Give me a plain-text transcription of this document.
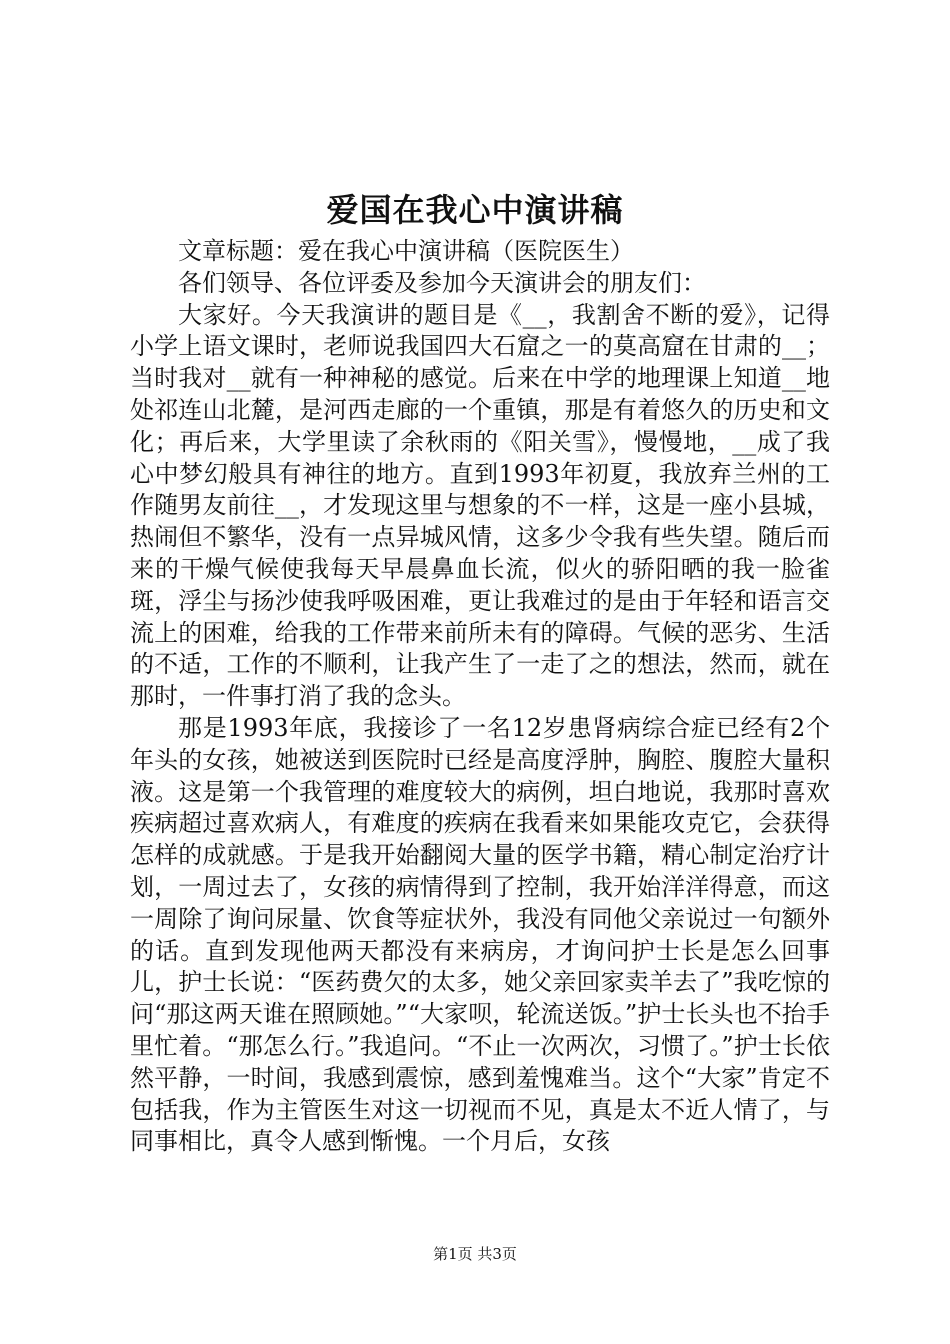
爱国在我心中演讲稿

文章标题：爱在我心中演讲稿（医院医生）

各们领导、各位评委及参加今天演讲会的朋友们：

大家好。今天我演讲的题目是《__，我割舍不断的爱》，记得小学上语文课时，老师说我国四大石窟之一的莫高窟在甘肃的__；当时我对__就有一种神秘的感觉。后来在中学的地理课上知道__地处祁连山北麓，是河西走廊的一个重镇，那是有着悠久的历史和文化；再后来，大学里读了余秋雨的《阳关雪》，慢慢地，__成了我心中梦幻般具有神往的地方。直到1993年初夏，我放弃兰州的工作随男友前往__，才发现这里与想象的不一样，这是一座小县城，热闹但不繁华，没有一点异城风情，这多少令我有些失望。随后而来的干燥气候使我每天早晨鼻血长流，似火的骄阳晒的我一脸雀斑，浮尘与扬沙使我呼吸困难，更让我难过的是由于年轻和语言交流上的困难，给我的工作带来前所未有的障碍。气候的恶劣、生活的不适，工作的不顺利，让我产生了一走了之的想法，然而，就在那时，一件事打消了我的念头。

那是1993年底，我接诊了一名12岁患肾病综合症已经有2个年头的女孩，她被送到医院时已经是高度浮肿，胸腔、腹腔大量积液。这是第一个我管理的难度较大的病例，坦白地说，我那时喜欢疾病超过喜欢病人，有难度的疾病在我看来如果能攻克它，会获得怎样的成就感。于是我开始翻阅大量的医学书籍，精心制定治疗计划，一周过去了，女孩的病情得到了控制，我开始洋洋得意，而这一周除了询问尿量、饮食等症状外，我没有同他父亲说过一句额外的话。直到发现他两天都没有来病房，才询问护士长是怎么回事儿，护士长说：“医药费欠的太多，她父亲回家卖羊去了”我吃惊的问“那这两天谁在照顾她。”“大家呗，轮流送饭。”护士长头也不抬手里忙着。“那怎么行。”我追问。“不止一次两次，习惯了。”护士长依然平静，一时间，我感到震惊，感到羞愧难当。这个“大家”肯定不包括我，作为主管医生对这一切视而不见，真是太不近人情了，与同事相比，真令人感到惭愧。一个月后，女孩

第1页 共3页
